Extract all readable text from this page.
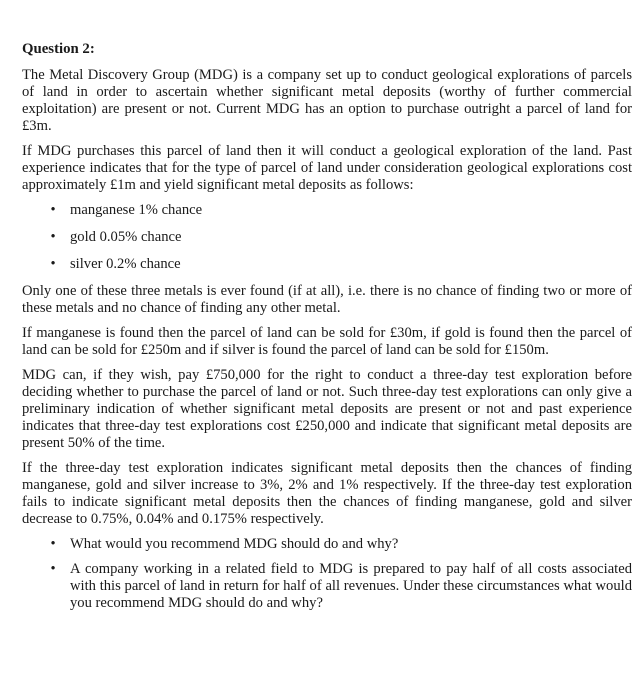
Question 2:

The Metal Discovery Group (MDG) is a company set up to conduct geological explorations of parcels of land in order to ascertain whether significant metal deposits (worthy of further commercial exploitation) are present or not. Current MDG has an option to purchase outright a parcel of land for £3m.

If MDG purchases this parcel of land then it will conduct a geological exploration of the land. Past experience indicates that for the type of parcel of land under consideration geological explorations cost approximately £1m and yield significant metal deposits as follows:

• manganese 1% chance
• gold 0.05% chance
• silver 0.2% chance

Only one of these three metals is ever found (if at all), i.e. there is no chance of finding two or more of these metals and no chance of finding any other metal.

If manganese is found then the parcel of land can be sold for £30m, if gold is found then the parcel of land can be sold for £250m and if silver is found the parcel of land can be sold for £150m.

MDG can, if they wish, pay £750,000 for the right to conduct a three-day test exploration before deciding whether to purchase the parcel of land or not. Such three-day test explorations can only give a preliminary indication of whether significant metal deposits are present or not and past experience indicates that three-day test explorations cost £250,000 and indicate that significant metal deposits are present 50% of the time.

If the three-day test exploration indicates significant metal deposits then the chances of finding manganese, gold and silver increase to 3%, 2% and 1% respectively. If the three-day test exploration fails to indicate significant metal deposits then the chances of finding manganese, gold and silver decrease to 0.75%, 0.04% and 0.175% respectively.

• What would you recommend MDG should do and why?
• A company working in a related field to MDG is prepared to pay half of all costs associated with this parcel of land in return for half of all revenues. Under these circumstances what would you recommend MDG should do and why?
